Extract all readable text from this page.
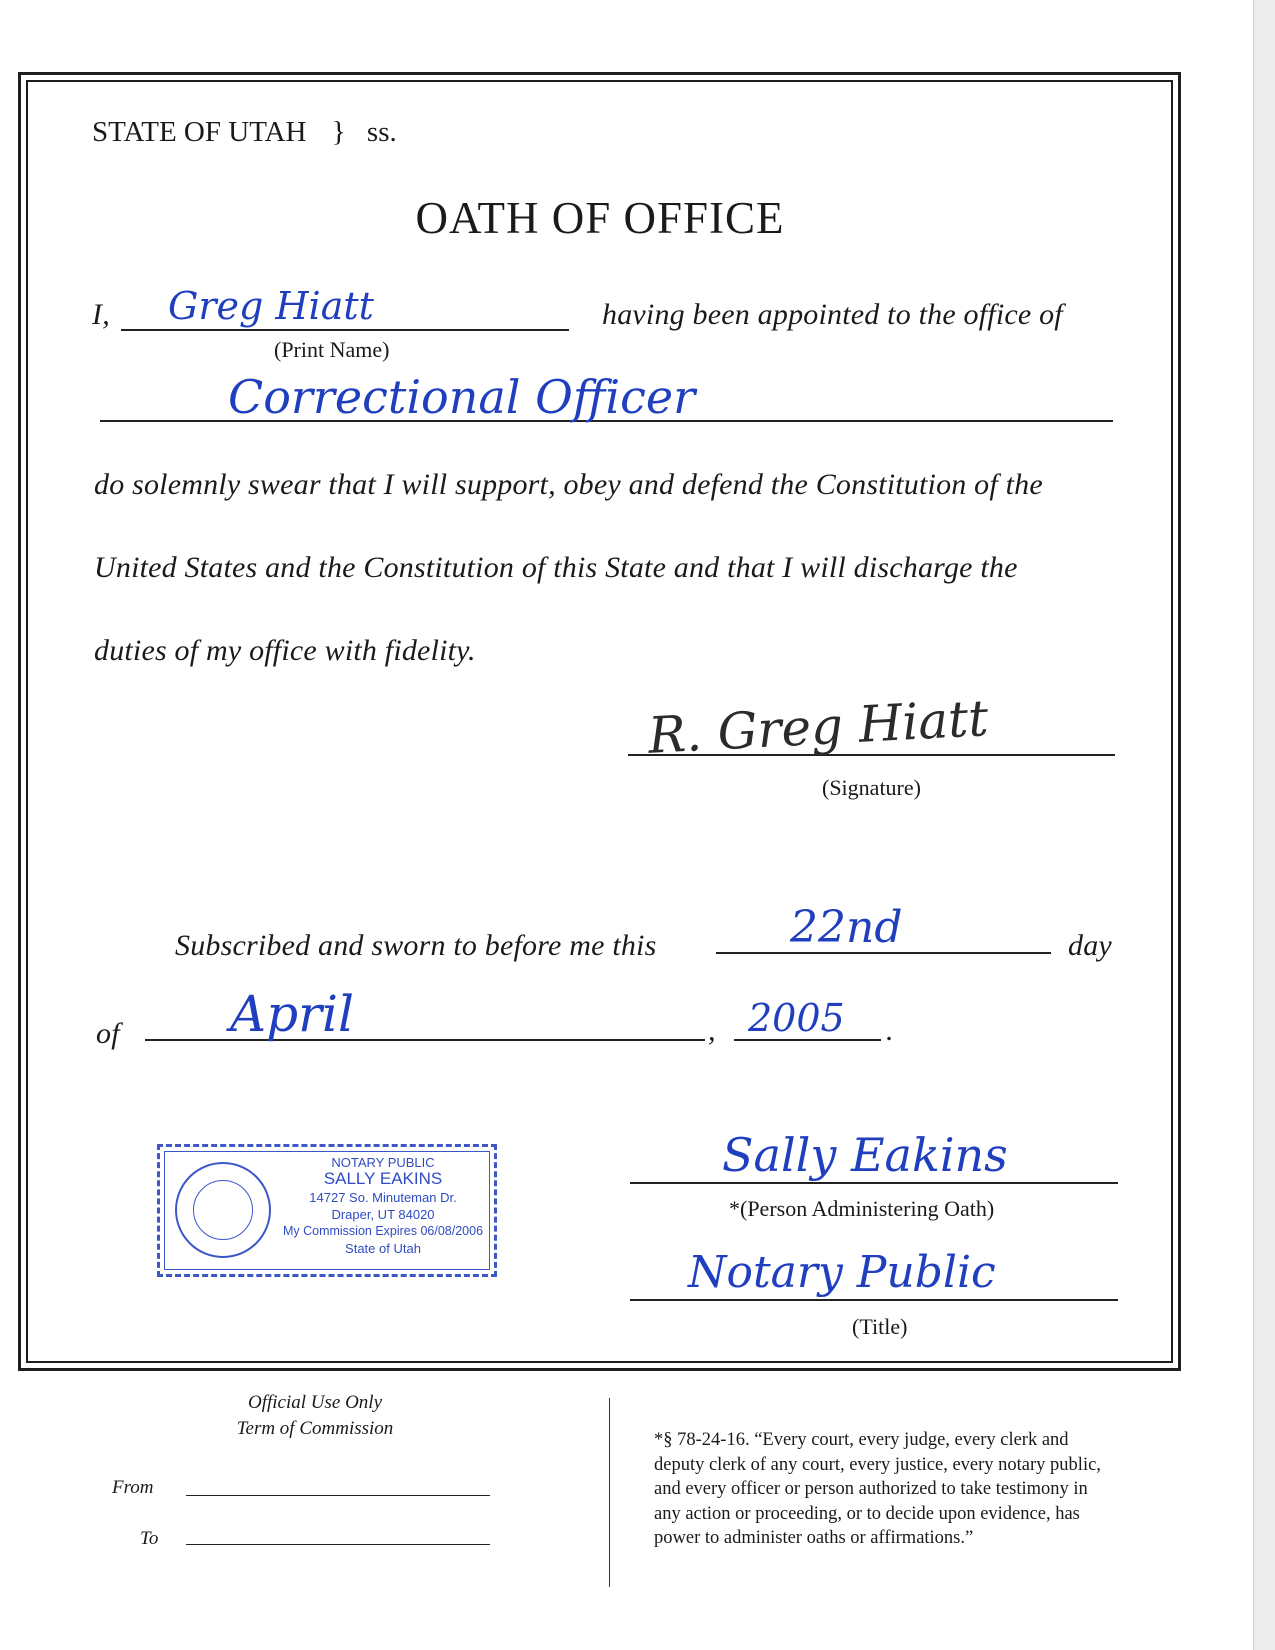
STATE OF UTAH } ss.
OATH OF OFFICE
I, Greg Hiatt
(Print Name)
having been appointed to the office of
Correctional Officer
do solemnly swear that I will support, obey and defend the Constitution of the
United States and the Constitution of this State and that I will discharge the
duties of my office with fidelity.
R. Greg Hiatt
(Signature)
Subscribed and sworn to before me this	22nd	day
of April	, 2005 .
NOTARY PUBLIC
SALLY EAKINS
14727 So. Minuteman Dr.
Draper, UT 84020
My Commission Expires 06/08/2006
State of Utah
Sally Eakins
*(Person Administering Oath)
Notary Public
(Title)
Official Use Only
Term of Commission
From
To
*§ 78-24-16. “Every court, every judge, every clerk and
deputy clerk of any court, every justice, every notary public,
and every officer or person authorized to take testimony in
any action or proceeding, or to decide upon evidence, has
power to administer oaths or affirmations.”
